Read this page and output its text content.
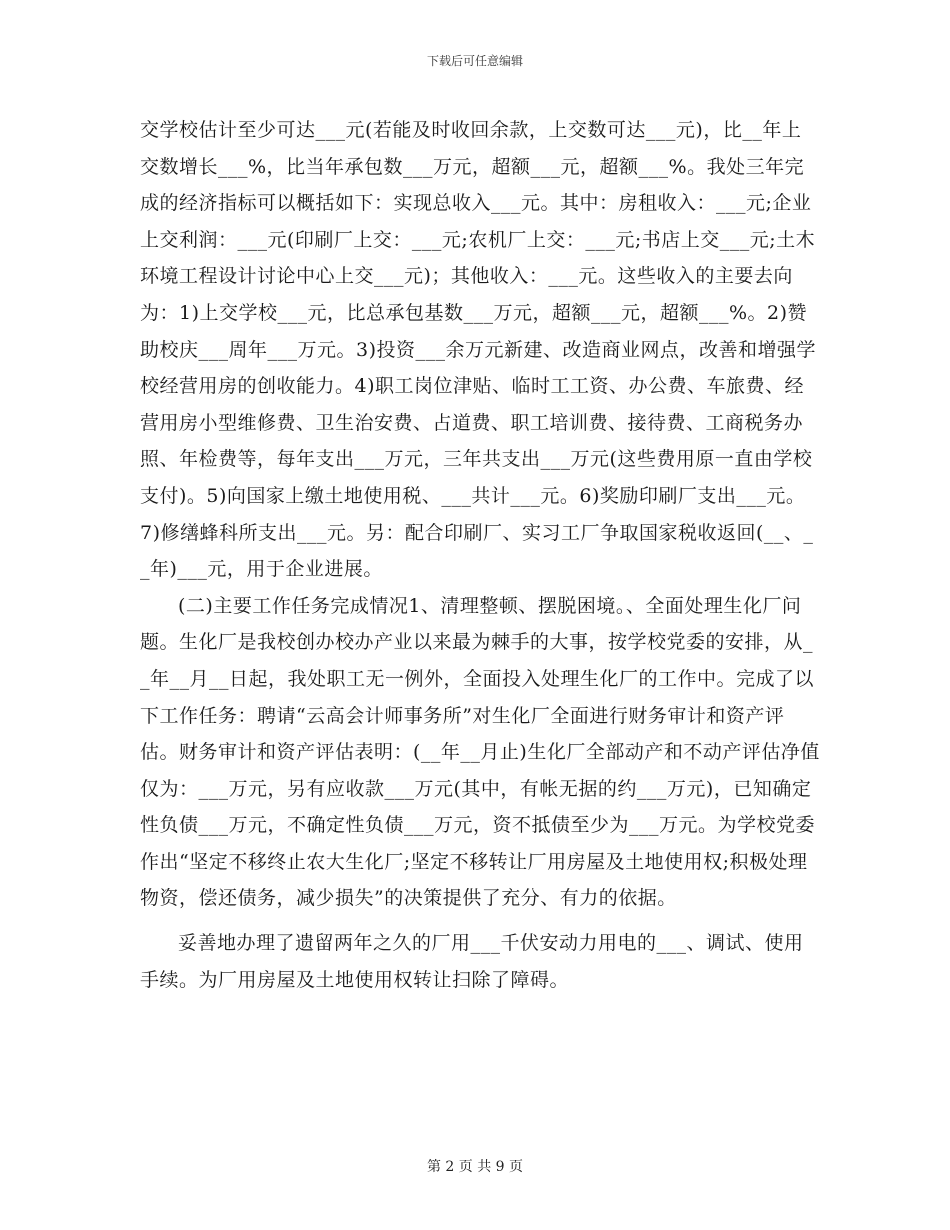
下载后可任意编辑

交学校估计至少可达___元(若能及时收回余款，上交数可达___元)，比__年上交数增长___%，比当年承包数___万元，超额___元，超额___%。我处三年完成的经济指标可以概括如下：实现总收入___元。其中：房租收入：___元;企业上交利润：___元(印刷厂上交：___元;农机厂上交：___元;书店上交___元;土木环境工程设计讨论中心上交___元)；其他收入：___元。这些收入的主要去向为：1)上交学校___元，比总承包基数___万元，超额___元，超额___%。2)赞助校庆___周年___万元。3)投资___余万元新建、改造商业网点，改善和增强学校经营用房的创收能力。4)职工岗位津贴、临时工工资、办公费、车旅费、经营用房小型维修费、卫生治安费、占道费、职工培训费、接待费、工商税务办照、年检费等，每年支出___万元，三年共支出___万元(这些费用原一直由学校支付)。5)向国家上缴土地使用税、___共计___元。6)奖励印刷厂支出___元。7)修缮蜂科所支出___元。另：配合印刷厂、实习工厂争取国家税收返回(__、__年)___元，用于企业进展。

(二)主要工作任务完成情况1、清理整顿、摆脱困境。、全面处理生化厂问题。生化厂是我校创办校办产业以来最为棘手的大事，按学校党委的安排，从__年__月__日起，我处职工无一例外，全面投入处理生化厂的工作中。完成了以下工作任务：聘请“云高会计师事务所”对生化厂全面进行财务审计和资产评估。财务审计和资产评估表明：(__年__月止)生化厂全部动产和不动产评估净值仅为：___万元，另有应收款___万元(其中，有帐无据的约___万元)，已知确定性负债___万元，不确定性负债___万元，资不抵债至少为___万元。为学校党委作出“坚定不移终止农大生化厂;坚定不移转让厂用房屋及土地使用权;积极处理物资，偿还债务，减少损失”的决策提供了充分、有力的依据。

妥善地办理了遗留两年之久的厂用___千伏安动力用电的___、调试、使用手续。为厂用房屋及土地使用权转让扫除了障碍。

第 2 页 共 9 页
